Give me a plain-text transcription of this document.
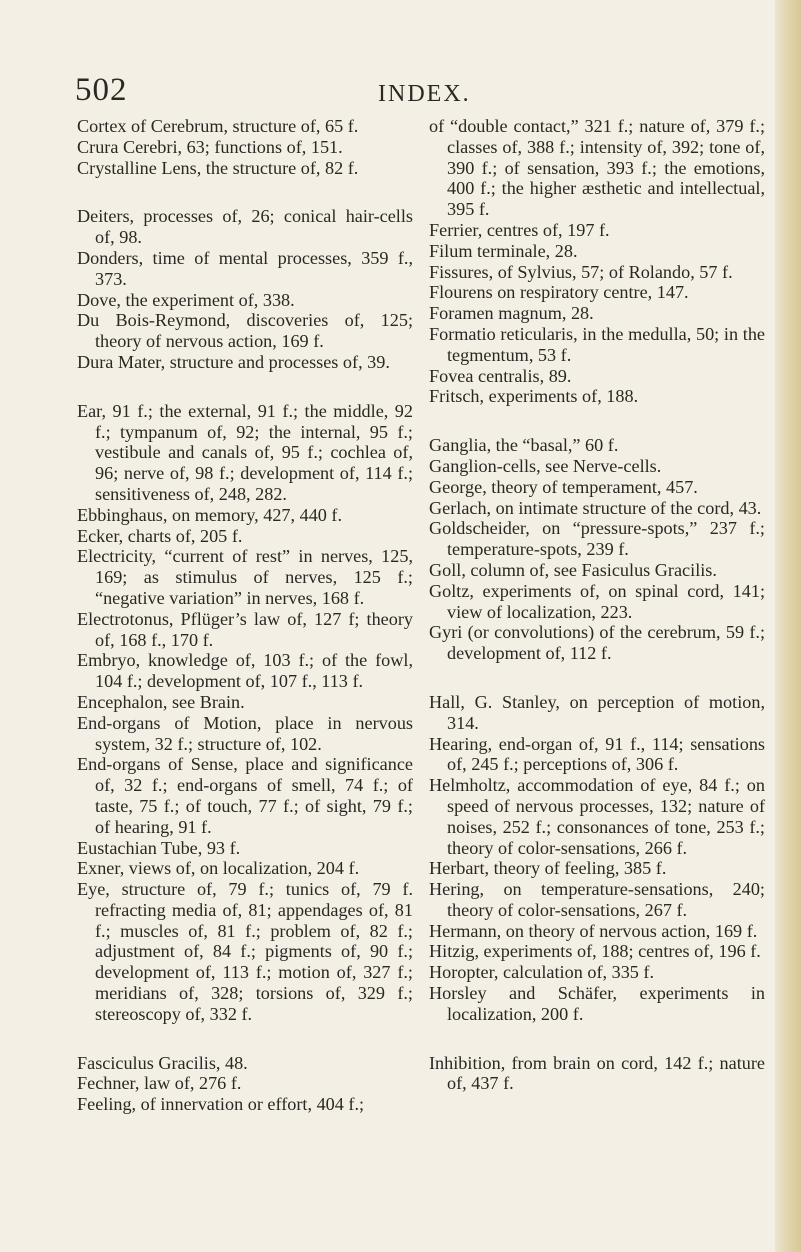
502	INDEX.

Cortex of Cerebrum, structure of, 65 f.

Crura Cerebri, 63; functions of, 151.

Crystalline Lens, the structure of, 82 f.

Deiters, processes of, 26; conical hair-cells of, 98.

Donders, time of mental processes, 359 f., 373.

Dove, the experiment of, 338.

Du Bois-Reymond, discoveries of, 125; theory of nervous action, 169 f.

Dura Mater, structure and processes of, 39.

Ear, 91 f.; the external, 91 f.; the middle, 92 f.; tympanum of, 92; the internal, 95 f.; vestibule and canals of, 95 f.; cochlea of, 96; nerve of, 98 f.; development of, 114 f.; sensitiveness of, 248, 282.

Ebbinghaus, on memory, 427, 440 f.

Ecker, charts of, 205 f.

Electricity, “current of rest” in nerves, 125, 169; as stimulus of nerves, 125 f.; “negative variation” in nerves, 168 f.

Electrotonus, Pflüger’s law of, 127 f; theory of, 168 f., 170 f.

Embryo, knowledge of, 103 f.; of the fowl, 104 f.; development of, 107 f., 113 f.

Encephalon, see Brain.

End-organs of Motion, place in nervous system, 32 f.; structure of, 102.

End-organs of Sense, place and significance of, 32 f.; end-organs of smell, 74 f.; of taste, 75 f.; of touch, 77 f.; of sight, 79 f.; of hearing, 91 f.

Eustachian Tube, 93 f.

Exner, views of, on localization, 204 f.

Eye, structure of, 79 f.; tunics of, 79 f. refracting media of, 81; appendages of, 81 f.; muscles of, 81 f.; problem of, 82 f.; adjustment of, 84 f.; pigments of, 90 f.; development of, 113 f.; motion of, 327 f.; meridians of, 328; torsions of, 329 f.; stereoscopy of, 332 f.

Fasciculus Gracilis, 48.

Fechner, law of, 276 f.

Feeling, of innervation or effort, 404 f.;

of “double contact,” 321 f.; nature of, 379 f.; classes of, 388 f.; intensity of, 392; tone of, 390 f.; of sensation, 393 f.; the emotions, 400 f.; the higher æsthetic and intellectual, 395 f.

Ferrier, centres of, 197 f.

Filum terminale, 28.

Fissures, of Sylvius, 57; of Rolando, 57 f.

Flourens on respiratory centre, 147.

Foramen magnum, 28.

Formatio reticularis, in the medulla, 50; in the tegmentum, 53 f.

Fovea centralis, 89.

Fritsch, experiments of, 188.

Ganglia, the “basal,” 60 f.

Ganglion-cells, see Nerve-cells.

George, theory of temperament, 457.

Gerlach, on intimate structure of the cord, 43.

Goldscheider, on “pressure-spots,” 237 f.; temperature-spots, 239 f.

Goll, column of, see Fasiculus Gracilis.

Goltz, experiments of, on spinal cord, 141; view of localization, 223.

Gyri (or convolutions) of the cerebrum, 59 f.; development of, 112 f.

Hall, G. Stanley, on perception of motion, 314.

Hearing, end-organ of, 91 f., 114; sensations of, 245 f.; perceptions of, 306 f.

Helmholtz, accommodation of eye, 84 f.; on speed of nervous processes, 132; nature of noises, 252 f.; consonances of tone, 253 f.; theory of color-sensations, 266 f.

Herbart, theory of feeling, 385 f.

Hering, on temperature-sensations, 240; theory of color-sensations, 267 f.

Hermann, on theory of nervous action, 169 f.

Hitzig, experiments of, 188; centres of, 196 f.

Horopter, calculation of, 335 f.

Horsley and Schäfer, experiments in localization, 200 f.

Inhibition, from brain on cord, 142 f.; nature of, 437 f.
